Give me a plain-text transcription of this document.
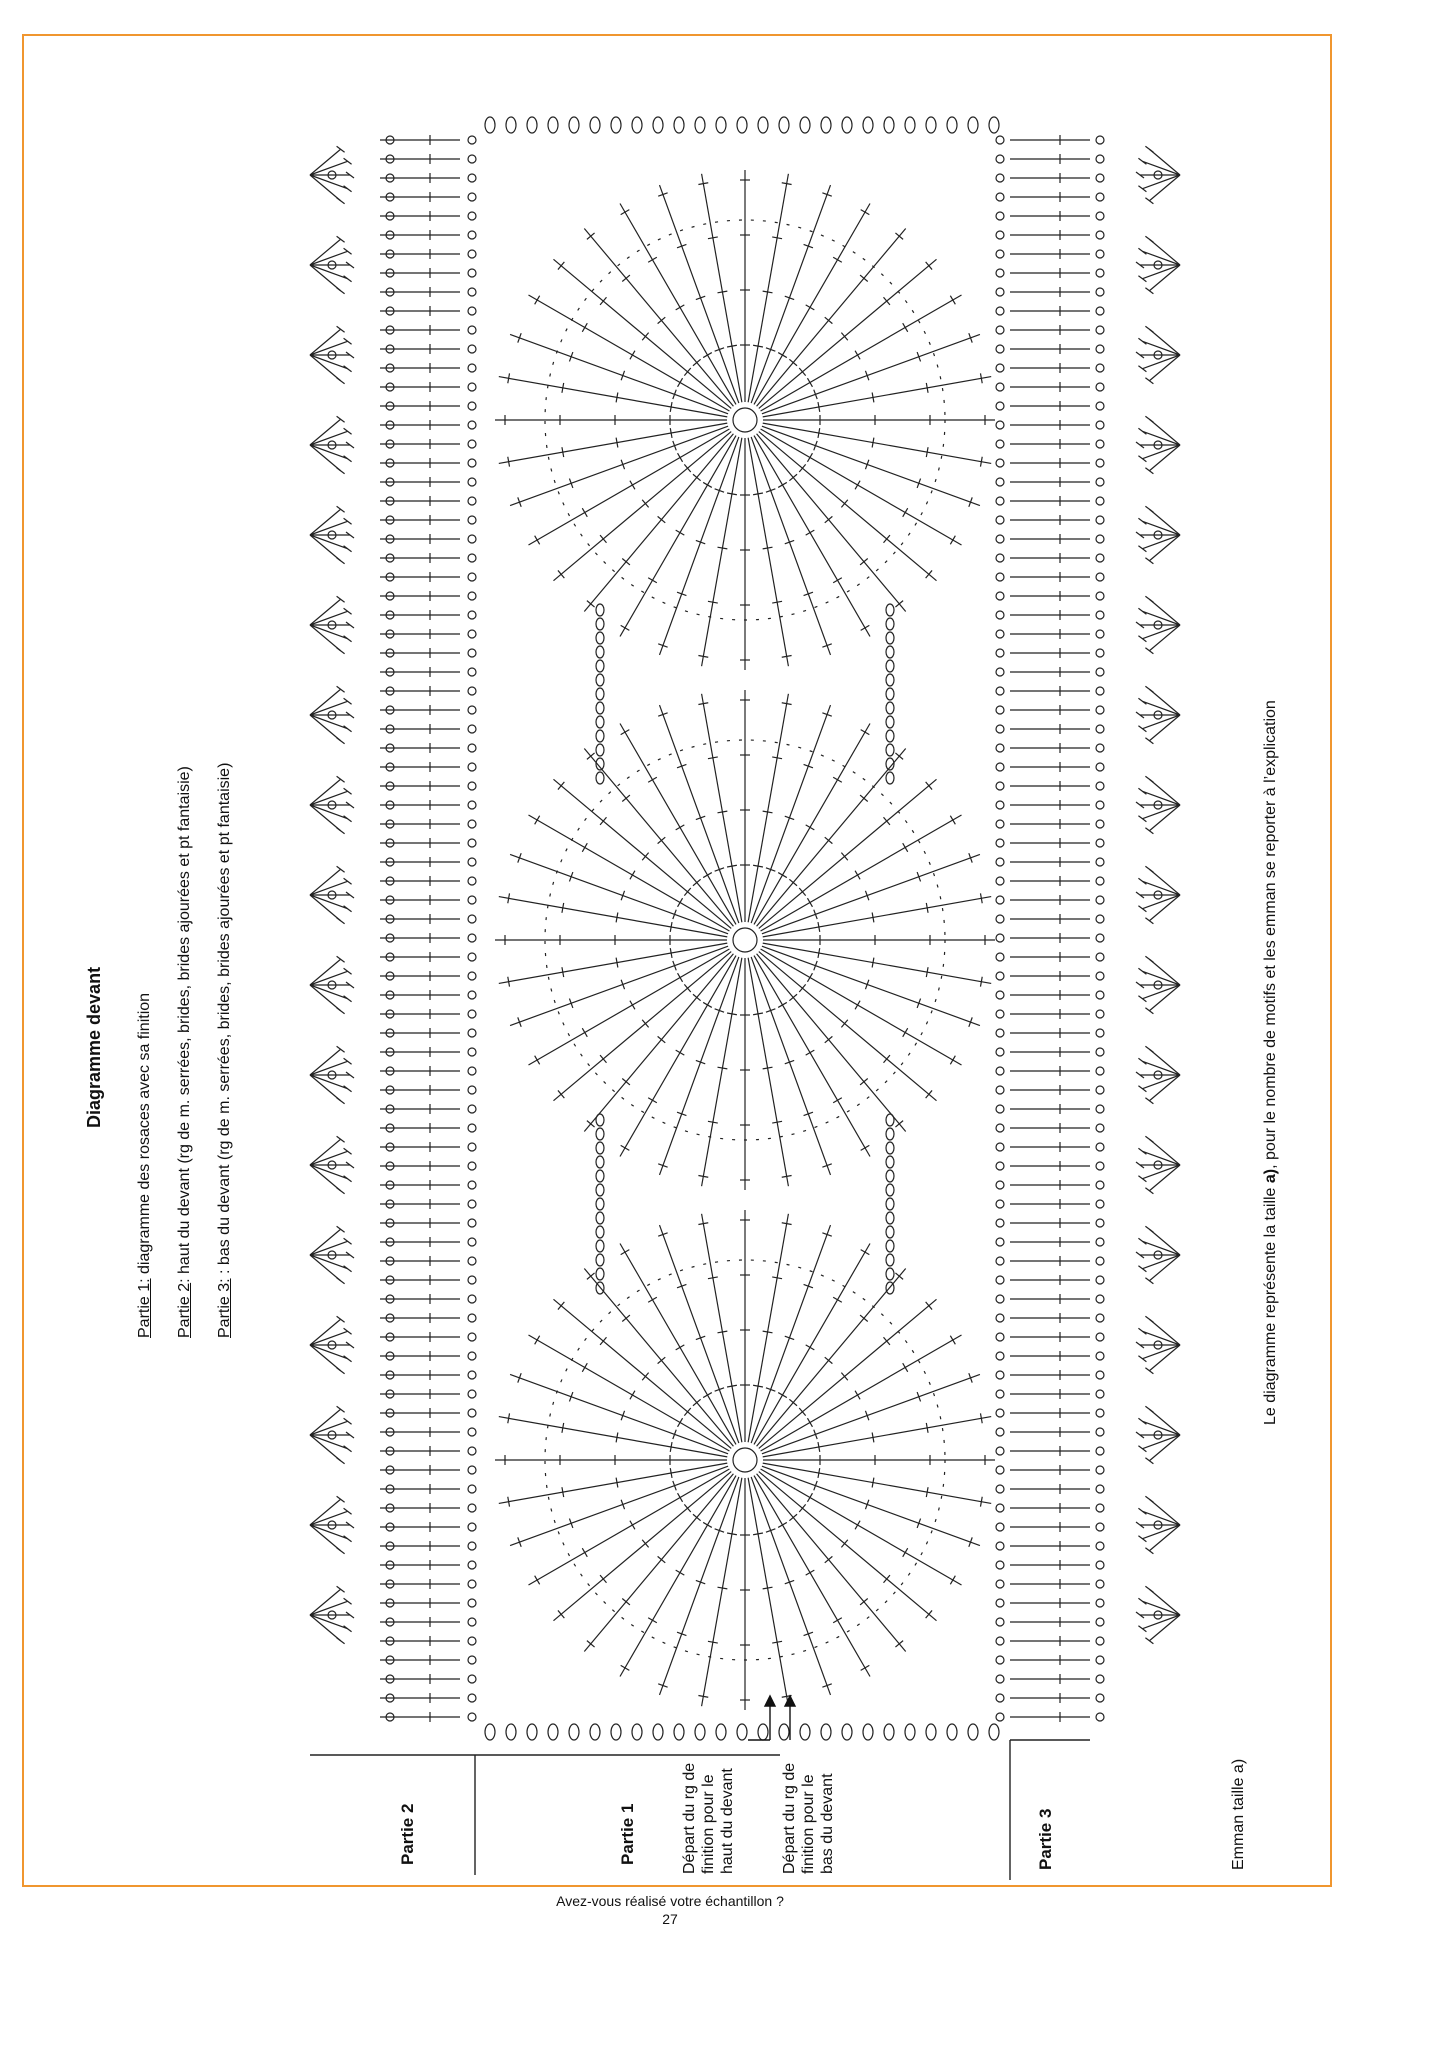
Diagramme devant
Partie 1: diagramme des rosaces avec sa finition
Partie 2: haut du devant (rg de m. serrées, brides, brides ajourées et pt fantaisie)
Partie 3: : bas du devant (rg de m. serrées, brides, brides ajourées et pt fantaisie)
Partie 2	Partie 1	Partie 3
Départ du rg de finition pour le haut du devant	Départ du rg de finition pour le bas du devant	Emman taille a)
Le diagramme représente la taille a), pour le nombre de motifs et les emman se reporter à l’explication
Avez-vous réalisé votre échantillon ?
27
